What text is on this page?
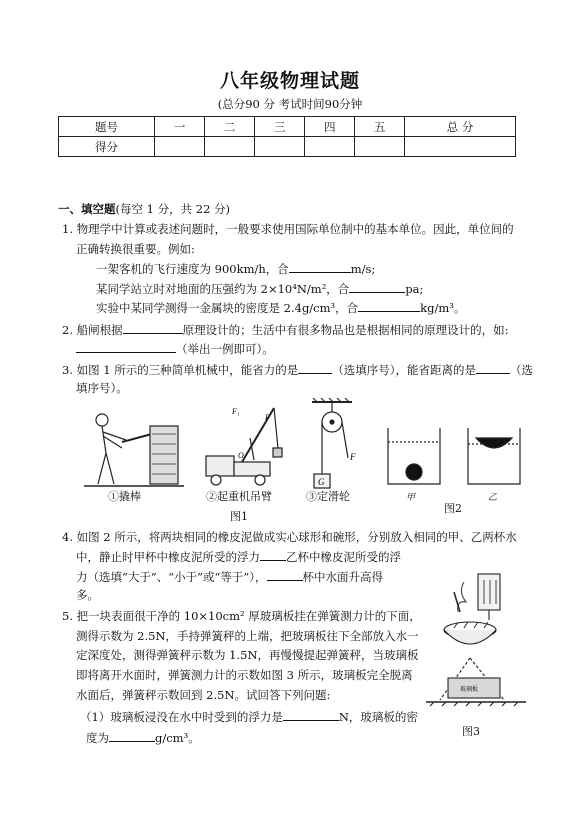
八年级物理试题
(总分90 分 考试时间90分钟
题号	一	二	三	四	五	总 分
得分						
一、填空题(每空 1 分，共 22 分)
1. 物理学中计算或表述问题时，一般要求使用国际单位制中的基本单位。因此，单位间的
正确转换很重要。例如:
一架客机的飞行速度为 900km/h，合	m/s;
某同学站立时对地面的压强约为 2×10⁴N/m²，合	pa;
实验中某同学测得一金属块的密度是 2.4g/cm³，合	kg/m³。
2. 船闸根据	原理设计的；生活中有很多物品也是根据相同的原理设计的，如:
（举出一例即可）。
3. 如图 1 所示的三种简单机械中，能省力的是	（选填序号），能省距离的是	（选
填序号）。
F₁
F
O
G
F
①撬棒	②起重机吊臂	③定滑轮
图1
甲	乙
图2
4. 如图 2 所示，将两块相同的橡皮泥做成实心球形和碗形，分别放入相同的甲、乙两杯水
中，静止时甲杯中橡皮泥所受的浮力 乙杯中橡皮泥所受的浮
力（选填“大于”、“小于”或“等于”），	杯中水面升高得
多。
5. 把一块表面很干净的 10×10cm² 厚玻璃板挂在弹簧测力计的下面，
测得示数为 2.5N，手持弹簧秤的上端，把玻璃板往下全部放入水一
定深度处，测得弹簧秤示数为 1.5N，再慢慢提起弹簧秤，当玻璃板
即将离开水面时，弹簧测力计的示数如图 3 所示，玻璃板完全脱离
水面后，弹簧秤示数回到 2.5N。试回答下列问题:
（1）玻璃板浸没在水中时受到的浮力是	N，玻璃板的密
度为	g/cm³。
玻璃板
图3
